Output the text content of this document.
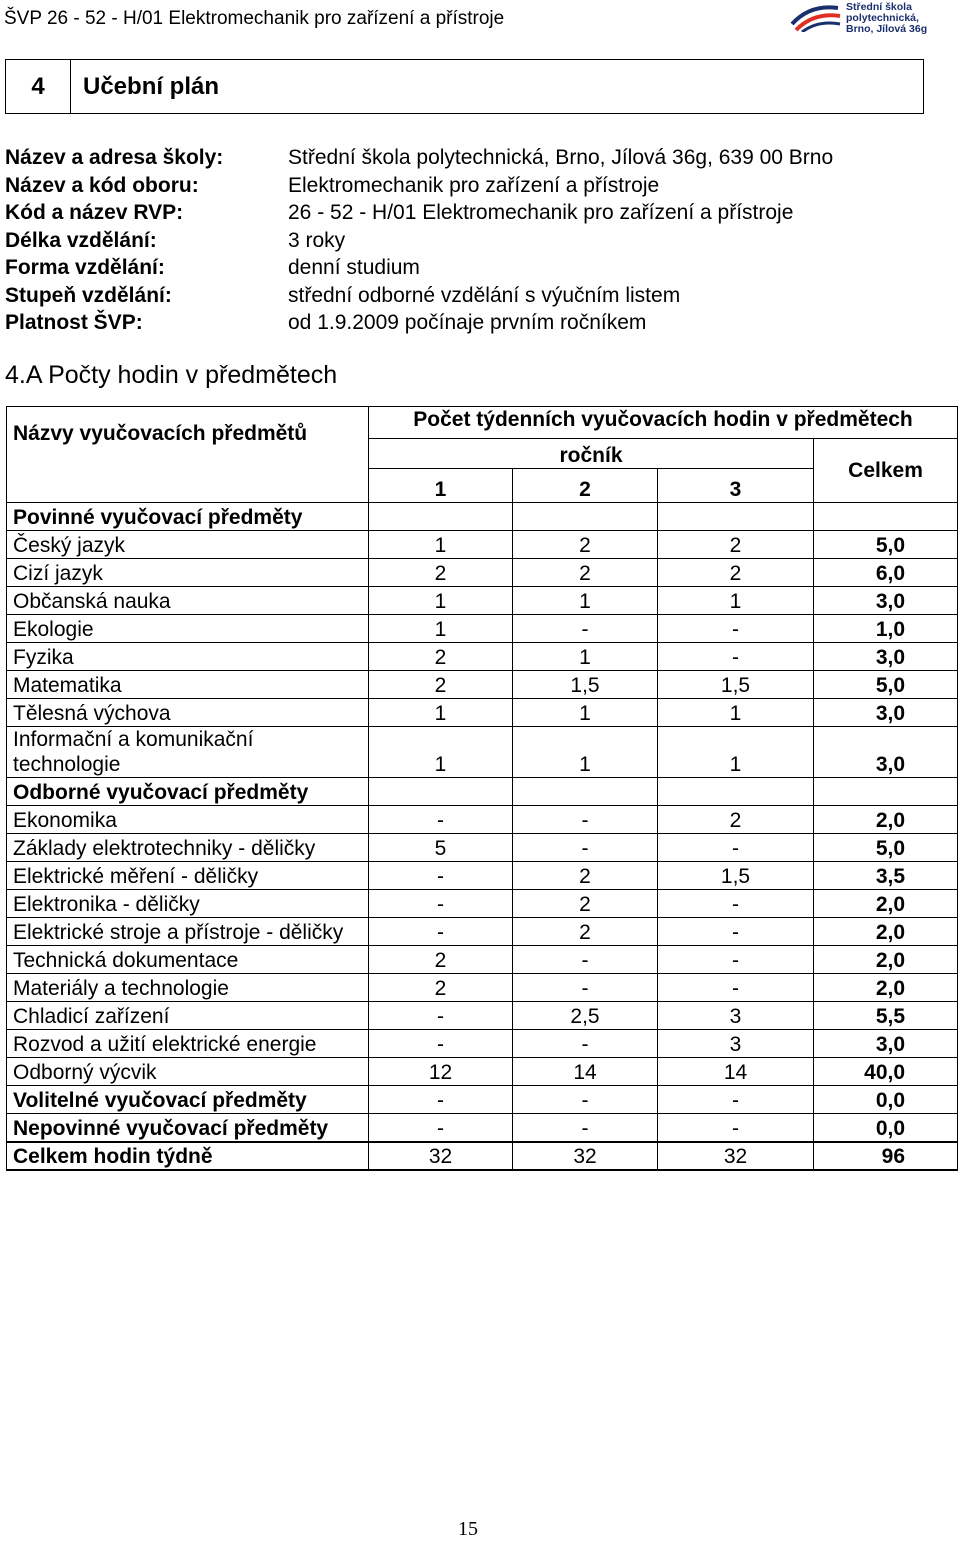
ŠVP 26 - 52 - H/01 Elektromechanik pro zařízení a přístroje
Střední škola
polytechnická,
Brno, Jílová 36g
4	Učební plán
Název a adresa školy:	Střední škola polytechnická, Brno, Jílová 36g, 639 00 Brno
Název a kód oboru:	Elektromechanik pro zařízení a přístroje
Kód a název RVP:	26 - 52 - H/01 Elektromechanik pro zařízení a přístroje
Délka vzdělání:	3 roky
Forma vzdělání:	denní studium
Stupeň vzdělání:	střední odborné vzdělání s výučním listem
Platnost ŠVP:	od 1.9.2009 počínaje prvním ročníkem
4.A Počty hodin v předmětech
Názvy vyučovacích předmětů	Počet týdenních vyučovacích hodin v předmětech			
	ročník			Celkem
	1	2	3	
Povinné vyučovací předměty				
Český jazyk	1	2	2	5,0
Cizí jazyk	2	2	2	6,0
Občanská nauka	1	1	1	3,0
Ekologie	1	-	-	1,0
Fyzika	2	1	-	3,0
Matematika	2	1,5	1,5	5,0
Tělesná výchova	1	1	1	3,0
Informační a komunikační technologie	1	1	1	3,0
Odborné vyučovací předměty				
Ekonomika	-	-	2	2,0
Základy elektrotechniky - děličky	5	-	-	5,0
Elektrické měření - děličky	-	2	1,5	3,5
Elektronika - děličky	-	2	-	2,0
Elektrické stroje a přístroje - děličky	-	2	-	2,0
Technická dokumentace	2	-	-	2,0
Materiály a technologie	2	-	-	2,0
Chladicí zařízení	-	2,5	3	5,5
Rozvod a užití elektrické energie	-	-	3	3,0
Odborný výcvik	12	14	14	40,0
Volitelné vyučovací předměty	-	-	-	0,0
Nepovinné vyučovací předměty	-	-	-	0,0
Celkem hodin týdně	32	32	32	96
15
